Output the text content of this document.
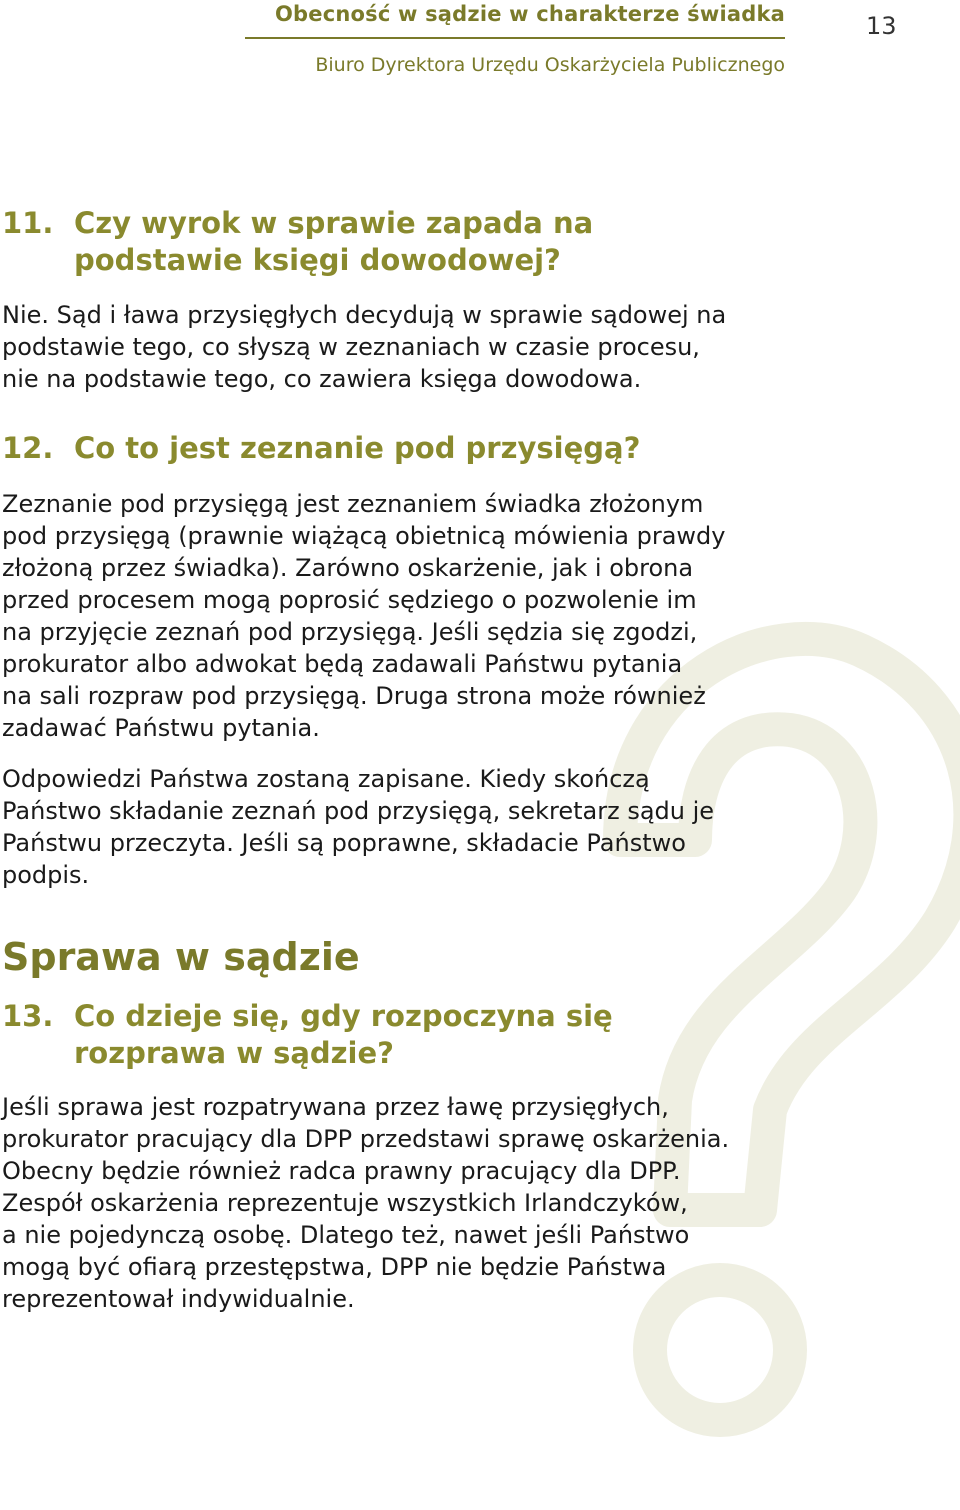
Obecność w sądzie w charakterze świadka
Biuro Dyrektora Urzędu Oskarżyciela Publicznego
13
11. Czy wyrok w sprawie zapada na
podstawie księgi dowodowej?

Nie. Sąd i ława przysięgłych decydują w sprawie sądowej na
podstawie tego, co słyszą w zeznaniach w czasie procesu,
nie na podstawie tego, co zawiera księga dowodowa.

12. Co to jest zeznanie pod przysięgą?

Zeznanie pod przysięgą jest zeznaniem świadka złożonym
pod przysięgą (prawnie wiążącą obietnicą mówienia prawdy
złożoną przez świadka). Zarówno oskarżenie, jak i obrona
przed procesem mogą poprosić sędziego o pozwolenie im
na przyjęcie zeznań pod przysięgą. Jeśli sędzia się zgodzi,
prokurator albo adwokat będą zadawali Państwu pytania
na sali rozpraw pod przysięgą. Druga strona może również
zadawać Państwu pytania.

Odpowiedzi Państwa zostaną zapisane. Kiedy skończą
Państwo składanie zeznań pod przysięgą, sekretarz sądu je
Państwu przeczyta. Jeśli są poprawne, składacie Państwo
podpis.

Sprawa w sądzie
13. Co dzieje się, gdy rozpoczyna się
rozprawa w sądzie?

Jeśli sprawa jest rozpatrywana przez ławę przysięgłych,
prokurator pracujący dla DPP przedstawi sprawę oskarżenia.
Obecny będzie również radca prawny pracujący dla DPP.
Zespół oskarżenia reprezentuje wszystkich Irlandczyków,
a nie pojedynczą osobę. Dlatego też, nawet jeśli Państwo
mogą być ofiarą przestępstwa, DPP nie będzie Państwa
reprezentował indywidualnie.
